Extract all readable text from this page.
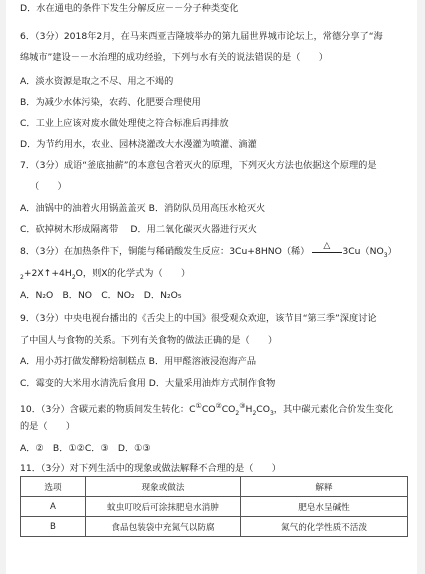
D．水在通电的条件下发生分解反应－－分子种类变化
6．（3分）2018年2月，在马来西亚吉隆坡举办的第九届世界城市论坛上，常德分享了“海
绵城市”建设－－水治理的成功经验，下列与水有关的说法错误的是（　　）
A．淡水资源是取之不尽、用之不竭的
B．为减少水体污染，农药、化肥要合理使用
C．工业上应该对废水做处理使之符合标准后再排放
D．为节约用水，农业、园林浇灌改大水漫灌为喷灌、滴灌
7．（3分）成语“釜底抽薪”的本意包含着灭火的原理，下列灭火方法也依据这个原理的是
（　　）
A．油锅中的油着火用锅盖盖灭 B．消防队员用高压水枪灭火
C．砍掉树木形成隔离带　 D．用二氧化碳灭火器进行灭火
8．（3分）在加热条件下，铜能与稀硝酸发生反应：3Cu+8HNO（稀）
△
$3Cu(NO_3)$
$_2+2X↑+4H_2O$，则X的化学式为（　　）
A．N₂O　B．NO　C．NO₂　D．N₂O₅
9．（3分）中央电视台播出的《舌尖上的中国》很受观众欢迎，该节目“第三季”深度讨论
了中国人与食物的关系。下列有关食物的做法正确的是（　　）
A．用小苏打做发酵粉焙制糕点 B．用甲醛溶液浸泡海产品
C．霉变的大米用水清洗后食用 D．大量采用油炸方式制作食物
10．（3分）含碳元素的物质间发生转化：$C^①CO^②CO_2^③H_2CO_3$，其中碳元素化合价发生变化
的是（　　）
A．②　B．①②C．③　D．①③
11．（3分）对下列生活中的现象或做法解释不合理的是（　　）
选项	现象或做法	解释
A	蚊虫叮咬后可涂抹肥皂水消肿	肥皂水呈碱性
B	食品包装袋中充氮气以防腐	氮气的化学性质不活泼
